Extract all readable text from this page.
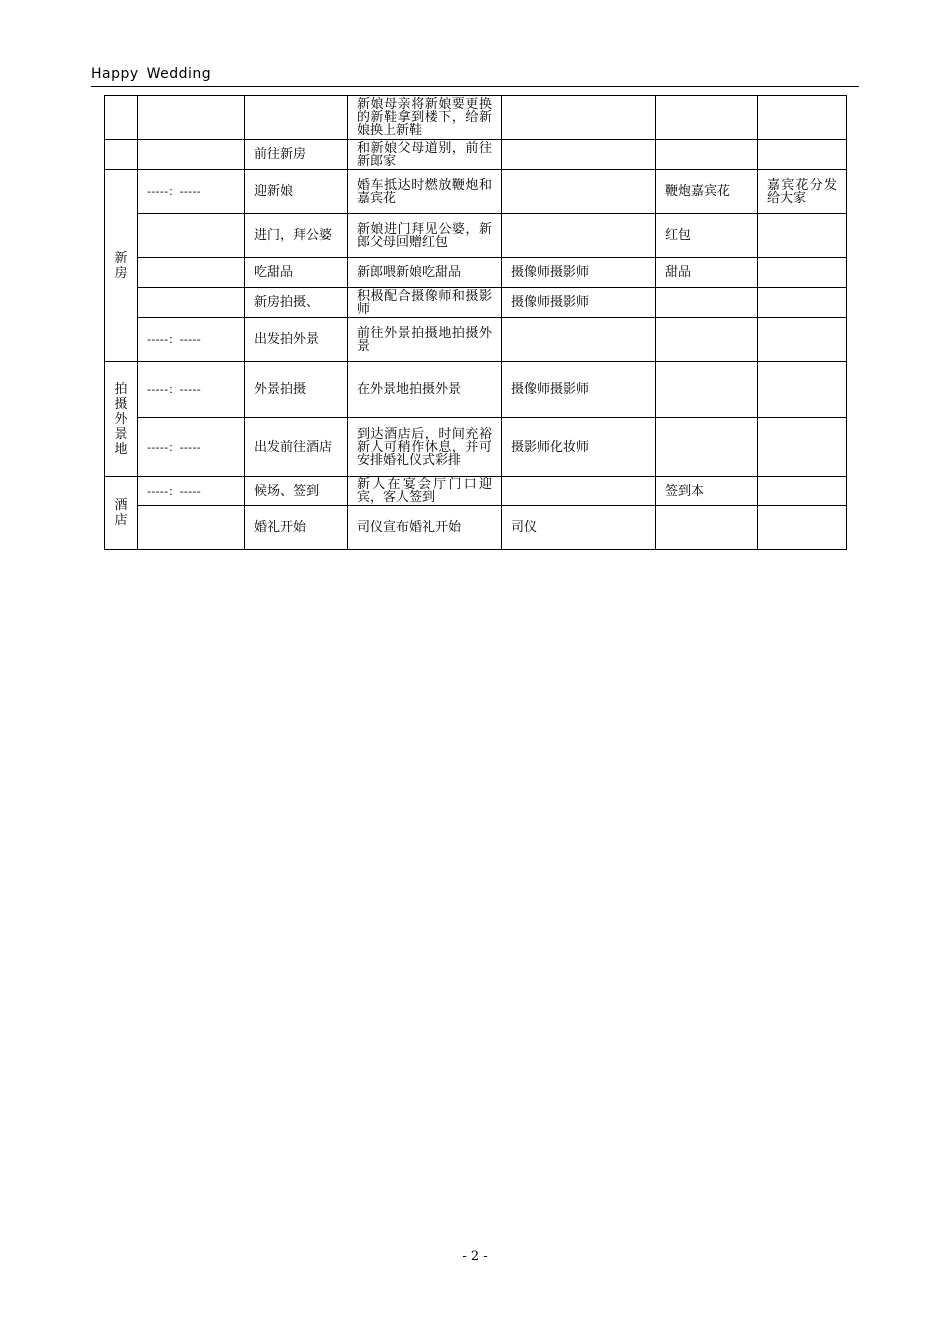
Happy Wedding
			新娘母亲将新娘要更换的新鞋拿到楼下，给新娘换上新鞋			
		前往新房	和新娘父母道别，前往新郎家			
新房	-----：-----	迎新娘	婚车抵达时燃放鞭炮和嘉宾花		鞭炮嘉宾花	嘉宾花分发给大家
		进门，拜公婆	新娘进门拜见公婆，新郎父母回赠红包		红包	
		吃甜品	新郎喂新娘吃甜品	摄像师摄影师	甜品	
		新房拍摄、	积极配合摄像师和摄影师	摄像师摄影师		
	-----：-----	出发拍外景	前往外景拍摄地拍摄外景			
拍摄外景地	-----：-----	外景拍摄	在外景地拍摄外景	摄像师摄影师		
	-----：-----	出发前往酒店	到达酒店后，时间充裕新人可稍作休息，并可安排婚礼仪式彩排	摄影师化妆师		
酒店	-----：-----	候场、签到	新人在宴会厅门口迎宾，客人签到		签到本	
		婚礼开始	司仪宣布婚礼开始	司仪		
- 2 -
